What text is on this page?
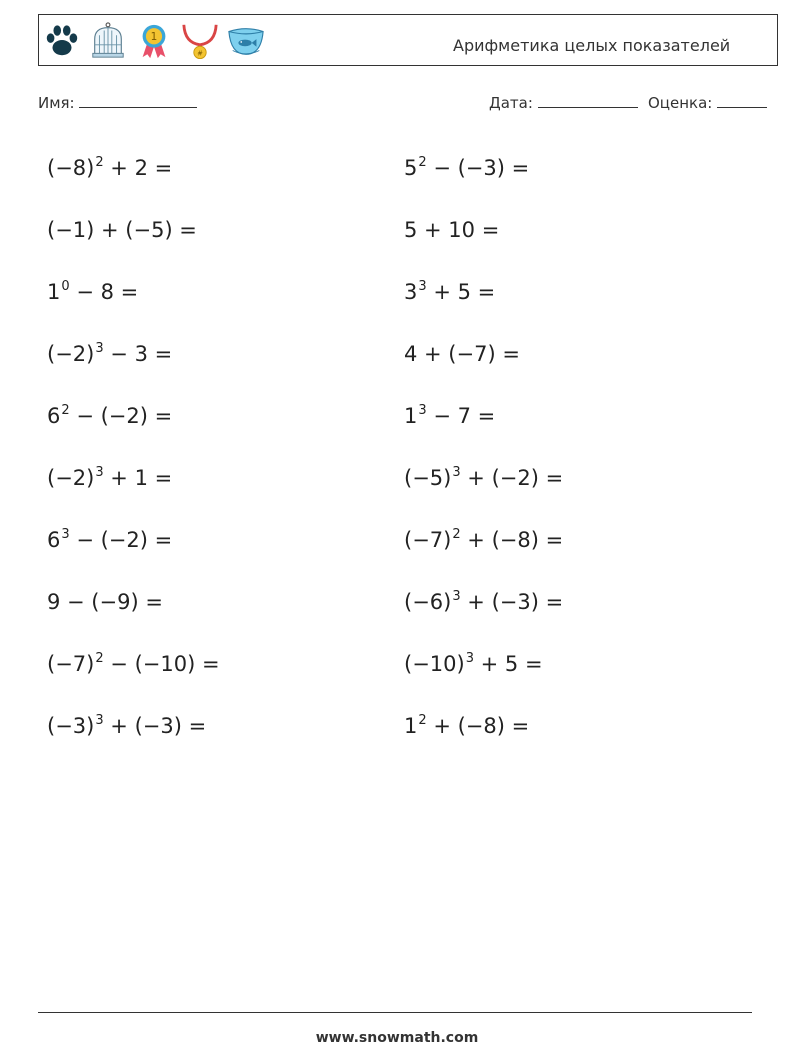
1
#	Арифметика целых показателей
Имя:	Дата:	Оценка:
$(-8)^2 + 2$ =
(−1) + (−5) =
$1^0 - 8$ =
$(-2)^3 - 3$ =
$6^2 - (-2)$ =
$(-2)^3 + 1$ =
$6^3 - (-2)$ =
9 − (−9) =
$(-7)^2 - (-10)$ =
$(-3)^3 + (-3)$ =
$5^2 - (-3)$ =
5 + 10 =
$3^3 + 5$ =
4 + (−7) =
$1^3 - 7$ =
$(-5)^3 + (-2)$ =
$(-7)^2 + (-8)$ =
$(-6)^3 + (-3)$ =
$(-10)^3 + 5$ =
$1^2 + (-8)$ =
www.snowmath.com
